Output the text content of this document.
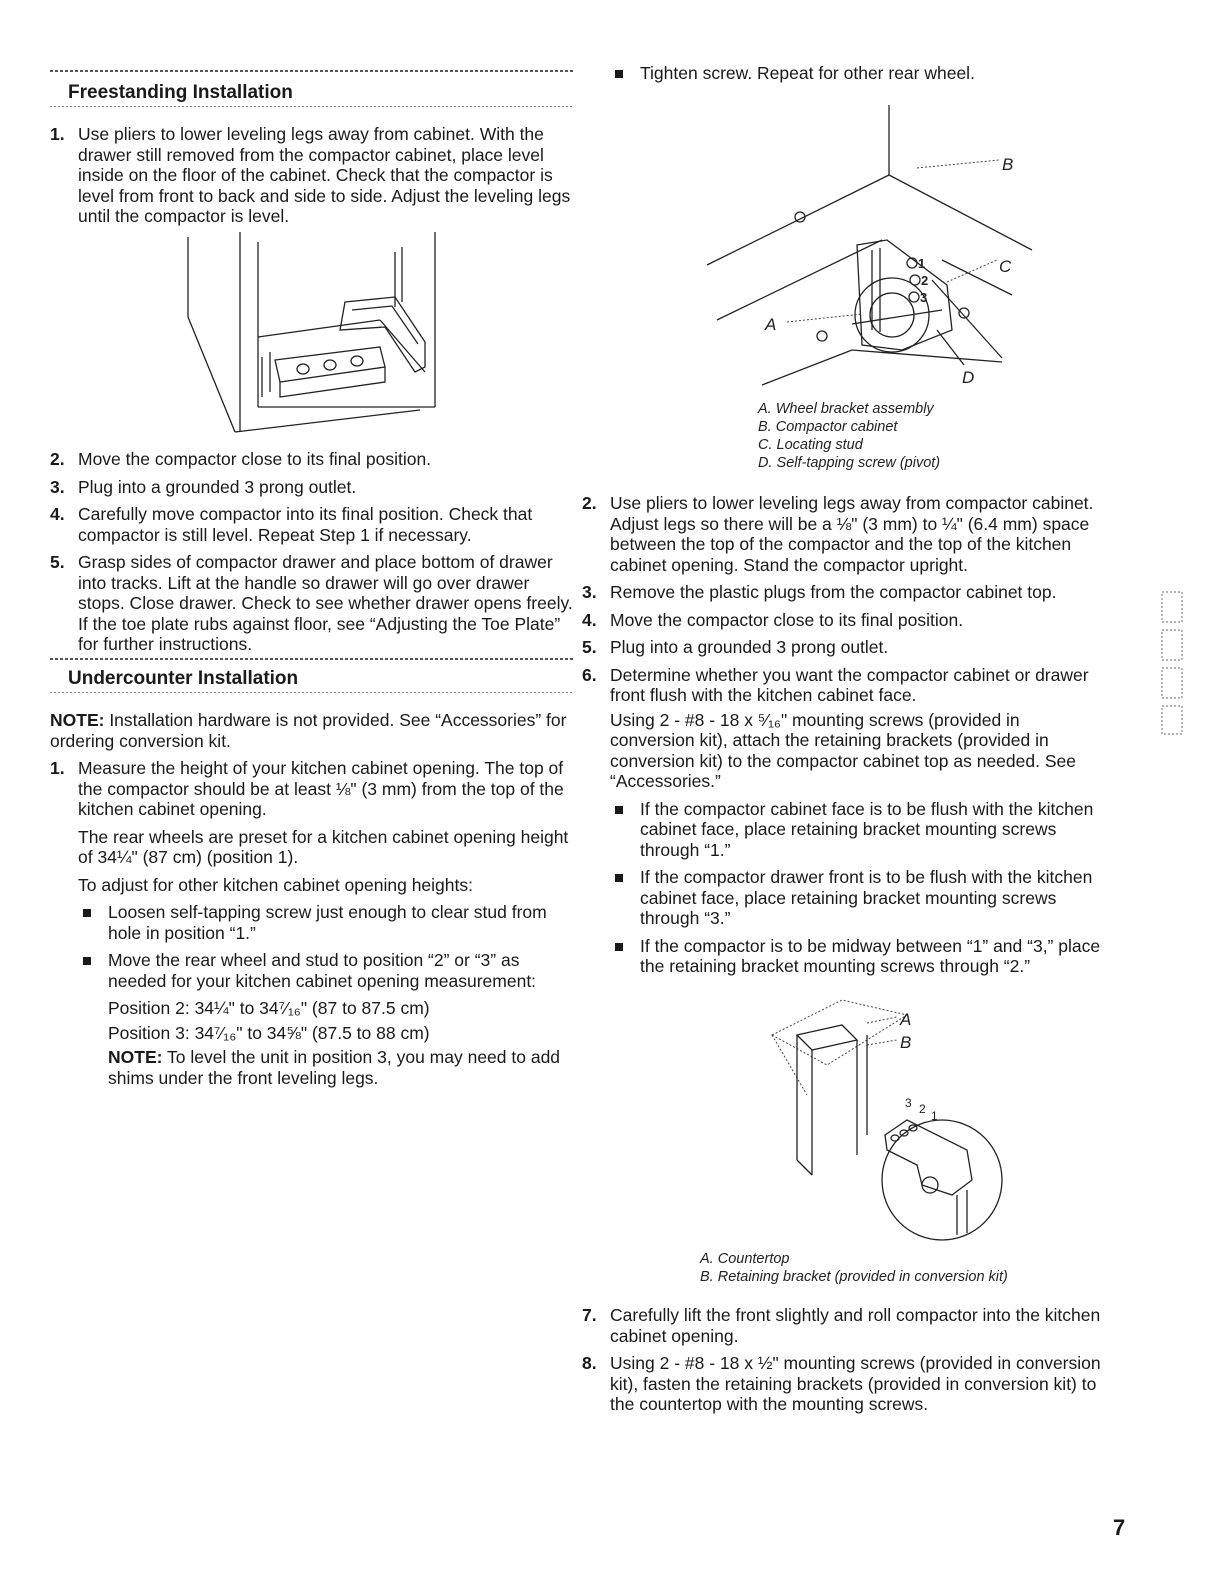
Freestanding Installation
1. Use pliers to lower leveling legs away from cabinet. With the drawer still removed from the compactor cabinet, place level inside on the floor of the cabinet. Check that the compactor is level from front to back and side to side. Adjust the leveling legs until the compactor is level.
2. Move the compactor close to its final position.
3. Plug into a grounded 3 prong outlet.
4. Carefully move compactor into its final position. Check that compactor is still level. Repeat Step 1 if necessary.
5. Grasp sides of compactor drawer and place bottom of drawer into tracks. Lift at the handle so drawer will go over drawer stops. Close drawer. Check to see whether drawer opens freely. If the toe plate rubs against floor, see “Adjusting the Toe Plate” for further instructions.
Undercounter Installation
NOTE: Installation hardware is not provided. See “Accessories” for ordering conversion kit.
1. Measure the height of your kitchen cabinet opening. The top of the compactor should be at least ⅛" (3 mm) from the top of the kitchen cabinet opening.
The rear wheels are preset for a kitchen cabinet opening height of 34¼" (87 cm) (position 1).
To adjust for other kitchen cabinet opening heights:
Loosen self-tapping screw just enough to clear stud from hole in position “1.”
Move the rear wheel and stud to position “2” or “3” as needed for your kitchen cabinet opening measurement:
Position 2: 34¼" to 34⁷⁄₁₆" (87 to 87.5 cm)
Position 3: 34⁷⁄₁₆" to 34⅝" (87.5 to 88 cm)
NOTE: To level the unit in position 3, you may need to add shims under the front leveling legs.
Tighten screw. Repeat for other rear wheel.
B
C
A
D
1
2
3
A. Wheel bracket assembly
B. Compactor cabinet
C. Locating stud
D. Self-tapping screw (pivot)
2. Use pliers to lower leveling legs away from compactor cabinet. Adjust legs so there will be a ⅛" (3 mm) to ¼" (6.4 mm) space between the top of the compactor and the top of the kitchen cabinet opening. Stand the compactor upright.
3. Remove the plastic plugs from the compactor cabinet top.
4. Move the compactor close to its final position.
5. Plug into a grounded 3 prong outlet.
6. Determine whether you want the compactor cabinet or drawer front flush with the kitchen cabinet face.
Using 2 - #8 - 18 x ⁵⁄₁₆" mounting screws (provided in conversion kit), attach the retaining brackets (provided in conversion kit) to the compactor cabinet top as needed. See “Accessories.”
If the compactor cabinet face is to be flush with the kitchen cabinet face, place retaining bracket mounting screws through “1.”
If the compactor drawer front is to be flush with the kitchen cabinet face, place retaining bracket mounting screws through “3.”
If the compactor is to be midway between “1” and “3,” place the retaining bracket mounting screws through “2.”
A
B
3 2 1
A. Countertop
B. Retaining bracket (provided in conversion kit)
7. Carefully lift the front slightly and roll compactor into the kitchen cabinet opening.
8. Using 2 - #8 - 18 x ½" mounting screws (provided in conversion kit), fasten the retaining brackets (provided in conversion kit) to the countertop with the mounting screws.
7
